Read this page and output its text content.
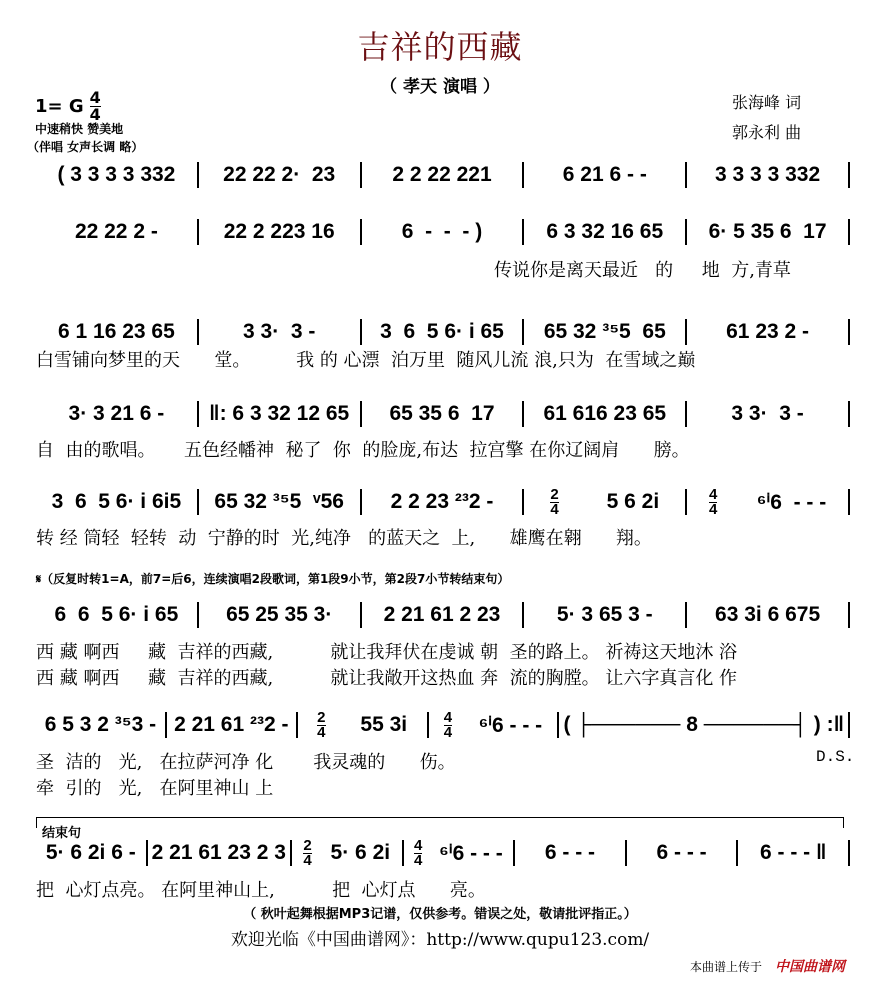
吉祥的西藏
（ 孝天 演唱 ）
1= G $\frac{4}{4}$
中速稍快 赞美地
（伴唱 女声长调 略）
张海峰 词
郭永利 曲
( 3 3 3 3 332 22 22 2·  23	2 2 22 221	6 21 6 - -	3 3 3 3 332
22 22 2 -	22 2 223 16	6  -  -  - )	6 3 32 16 65 6· 5 35 6  17
6 1 16 23 65	3 3·  3 -	3  6  5 6· i 65 65 32 ³⁵5  65	61 23 2 -
3· 3 21 6 - ‖: 6 3 32 12 65 65 35 6  17 61 616 23 65	3 3·  3 -
3  6  5 6· i 6i5 65 32 ³⁵5  ᵛ56 2 2 23 ²³2 -	2
4 5 6 2i	4
4 ⁶ⁱ6  - - -
6  6  5 6· i 65 65 25 35 3· 2 21 61 2 23	5· 3 65 3 -	63 3i 6 675
6 5 3 2 ³⁵3 - 2 21 61 ²³2 - 2
4 55 3i 4
4 ⁶ⁱ6 - - - ( ├────── 8 ──────┤ ) :‖
5· 6 2i 6 - 2 21 61 23 2 3 2
4 5· 6 2i 4
4 ⁶ⁱ6 - - - 6 - - -	6 - - -	6 - - - ‖
传说你是离天最近   的     地  方,青草
白雪铺向梦里的天      堂。        我 的 心漂  泊万里  随风儿流 浪,只为  在雪域之巅
自  由的歌唱。     五色经幡神  秘了  你  的脸庞,布达  拉宫擎 在你辽阔肩      膀。
转 经 筒轻  轻转  动  宁静的时  光,纯净   的蓝天之  上,      雄鹰在翱      翔。
𝄋（反复时转1=A，前7=后6，连续演唱2段歌词，第1段9小节，第2段7小节转结束句）
西 藏 啊西     藏  吉祥的西藏,          就让我拜伏在虔诚 朝  圣的路上。 祈祷这天地沐 浴
西 藏 啊西     藏  吉祥的西藏,          就让我敞开这热血 奔  流的胸膛。 让六字真言化 作
圣  洁的   光,   在拉萨河净 化       我灵魂的      伤。
牵  引的   光,   在阿里神山 上
D.S.
结束句
把  心灯点亮。 在阿里神山上,          把  心灯点      亮。
（ 秋叶起舞根据MP3记谱，仅供参考。错误之处，敬请批评指正。）
欢迎光临《中国曲谱网》：http://www.qupu123.com/
本曲谱上传于 中国曲谱网
